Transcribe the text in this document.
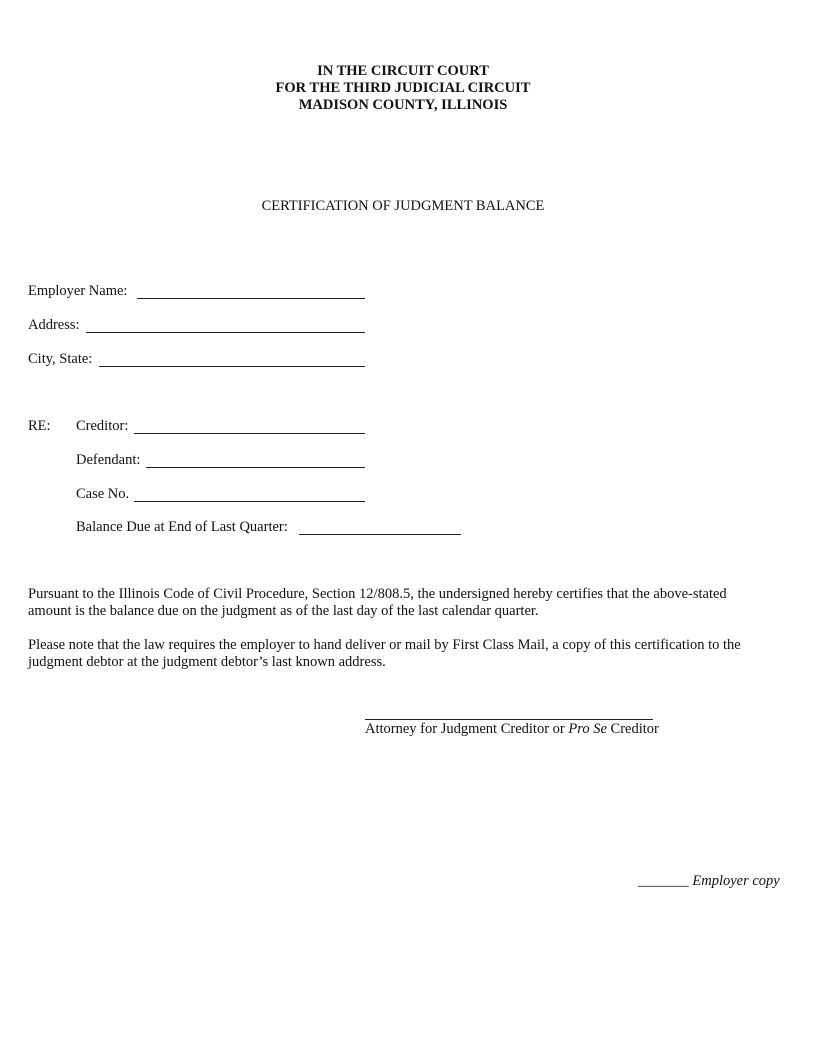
IN THE CIRCUIT COURT
FOR THE THIRD JUDICIAL CIRCUIT
MADISON COUNTY, ILLINOIS
CERTIFICATION OF JUDGMENT BALANCE
Employer Name:
Address:
City, State:
RE: Creditor:
Defendant:
Case No.
Balance Due at End of Last Quarter:
Pursuant to the Illinois Code of Civil Procedure, Section 12/808.5, the undersigned hereby certifies that the above-stated amount is the balance due on the judgment as of the last day of the last calendar quarter.
Please note that the law requires the employer to hand deliver or mail by First Class Mail, a copy of this certification to the judgment debtor at the judgment debtor’s last known address.
Attorney for Judgment Creditor or Pro Se Creditor
_______ Employer copy
